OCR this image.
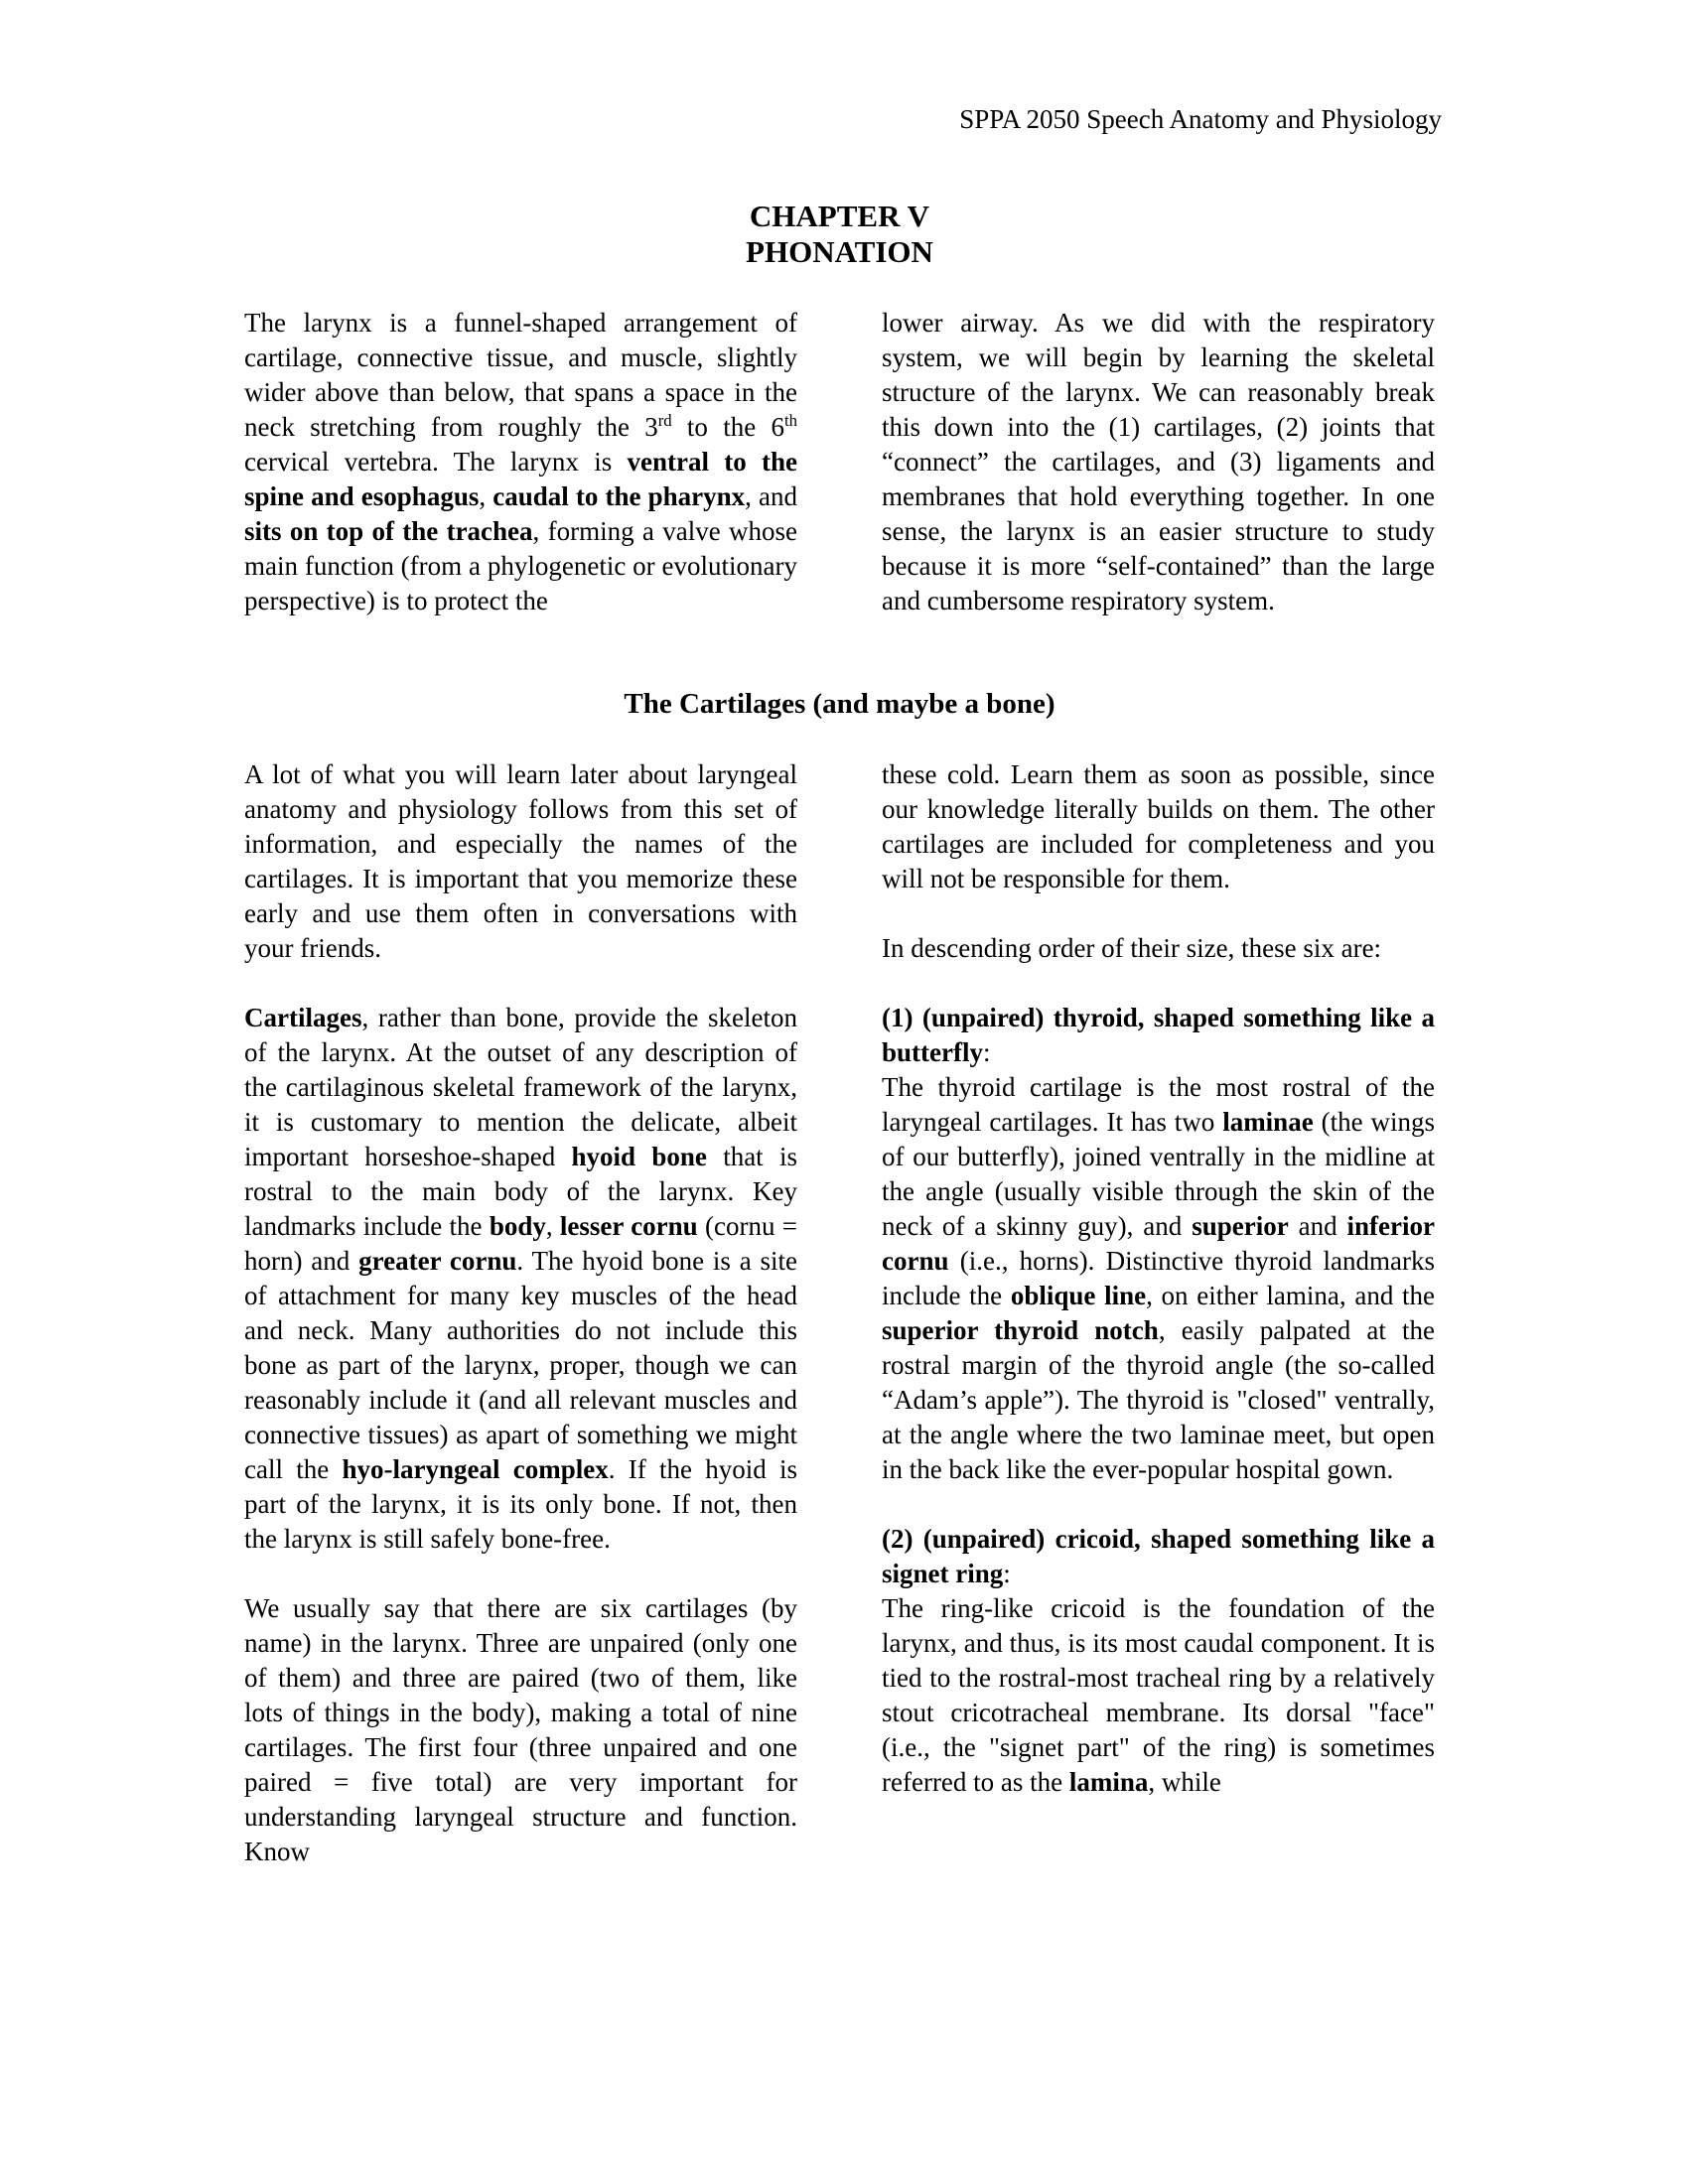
SPPA 2050 Speech Anatomy and Physiology
CHAPTER V
PHONATION

The larynx is a funnel-shaped arrangement of cartilage, connective tissue, and muscle, slightly wider above than below, that spans a space in the neck stretching from roughly the 3rd to the 6th cervical vertebra. The larynx is ventral to the spine and esophagus, caudal to the pharynx, and sits on top of the trachea, forming a valve whose main function (from a phylogenetic or evolutionary perspective) is to protect the

lower airway. As we did with the respiratory system, we will begin by learning the skeletal structure of the larynx. We can reasonably break this down into the (1) cartilages, (2) joints that “connect” the cartilages, and (3) ligaments and membranes that hold everything together. In one sense, the larynx is an easier structure to study because it is more “self-contained” than the large and cumbersome respiratory system.

The Cartilages (and maybe a bone)

A lot of what you will learn later about laryngeal anatomy and physiology follows from this set of information, and especially the names of the cartilages. It is important that you memorize these early and use them often in conversations with your friends.

Cartilages, rather than bone, provide the skeleton of the larynx. At the outset of any description of the cartilaginous skeletal framework of the larynx, it is customary to mention the delicate, albeit important horseshoe-shaped hyoid bone that is rostral to the main body of the larynx. Key landmarks include the body, lesser cornu (cornu = horn) and greater cornu. The hyoid bone is a site of attachment for many key muscles of the head and neck. Many authorities do not include this bone as part of the larynx, proper, though we can reasonably include it (and all relevant muscles and connective tissues) as apart of something we might call the hyo-laryngeal complex. If the hyoid is part of the larynx, it is its only bone. If not, then the larynx is still safely bone-free.

We usually say that there are six cartilages (by name) in the larynx. Three are unpaired (only one of them) and three are paired (two of them, like lots of things in the body), making a total of nine cartilages. The first four (three unpaired and one paired = five total) are very important for understanding laryngeal structure and function. Know

these cold. Learn them as soon as possible, since our knowledge literally builds on them. The other cartilages are included for completeness and you will not be responsible for them.

In descending order of their size, these six are:

(1) (unpaired) thyroid, shaped something like a butterfly:
The thyroid cartilage is the most rostral of the laryngeal cartilages. It has two laminae (the wings of our butterfly), joined ventrally in the midline at the angle (usually visible through the skin of the neck of a skinny guy), and superior and inferior cornu (i.e., horns). Distinctive thyroid landmarks include the oblique line, on either lamina, and the superior thyroid notch, easily palpated at the rostral margin of the thyroid angle (the so-called “Adam’s apple”). The thyroid is "closed" ventrally, at the angle where the two laminae meet, but open in the back like the ever-popular hospital gown.

(2) (unpaired) cricoid, shaped something like a signet ring:
The ring-like cricoid is the foundation of the larynx, and thus, is its most caudal component. It is tied to the rostral-most tracheal ring by a relatively stout cricotracheal membrane. Its dorsal "face" (i.e., the "signet part" of the ring) is sometimes referred to as the lamina, while
